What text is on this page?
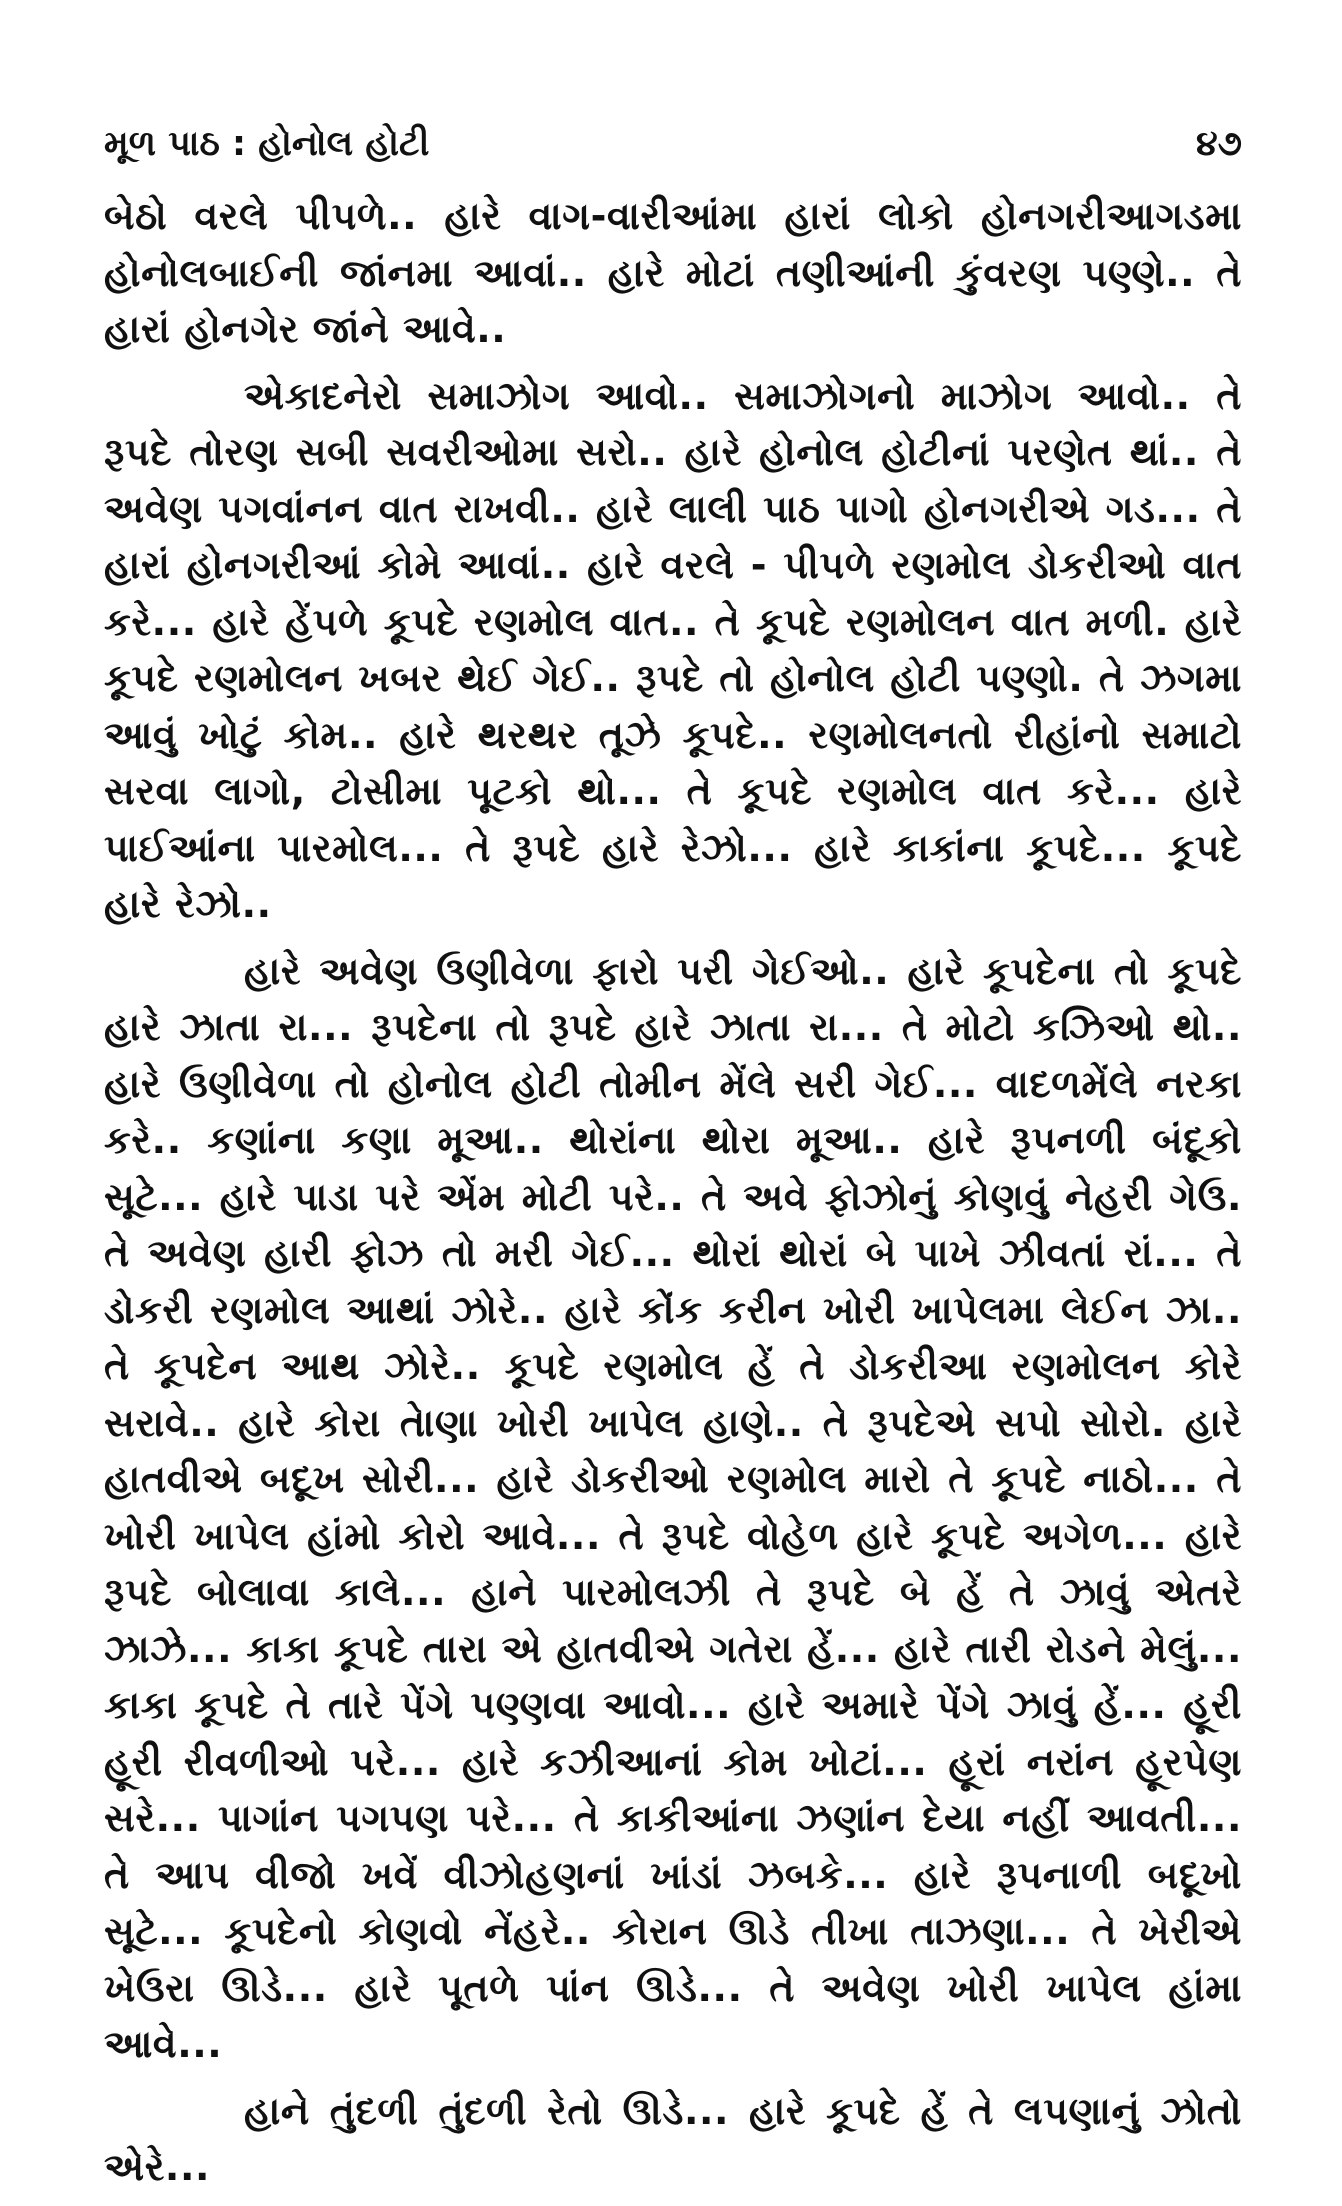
મૂળ પાઠ : હોનોલ હોટી	૪૭

બેઠો વરલે પીપળે.. હારે વાગ-વારીઆંમા હારાં લોકો હોનગરીઆગડમા હોનોલબાઈની જાંનમા આવાં.. હારે મોટાં તણીઆંની કુંવરણ પણ્ણે.. તે હારાં હોનગેર જાંને આવે..

એકાદનેરો સમાઝોગ આવો.. સમાઝોગનો માઝોગ આવો.. તે રૂપદે તોરણ સબી સવરીઓમા સરો.. હારે હોનોલ હોટીનાં પરણેત થાં.. તે અવેણ પગવાંનન વાત રાખવી.. હારે લાલી પાઠ પાગો હોનગરીએ ગડ... તે હારાં હોનગરીઆં કોમે આવાં.. હારે વરલે - પીપળે રણમોલ ડોકરીઓ વાત કરે... હારે હેંપળે કૂપદે રણમોલ વાત.. તે કૂપદે રણમોલન વાત મળી. હારે કૂપદે રણમોલન ખબર થેઈ ગેઈ.. રૂપદે તો હોનોલ હોટી પણ્ણો. તે ઝગમા આવું ખોટું કોમ.. હારે થરથર તૂઝે કૂપદે.. રણમોલનતો રીહાંનો સમાટો સરવા લાગો, ટોસીમા પૂટકો થો... તે કૂપદે રણમોલ વાત કરે... હારે પાઈઆંના પારમોલ... તે રૂપદે હારે રેઝો... હારે કાકાંના કૂપદે... કૂપદે હારે રેઝો..

હારે અવેણ ઉણીવેળા ફારો પરી ગેઈઓ.. હારે કૂપદેના તો કૂપદે હારે ઝાતા રા... રૂપદેના તો રૂપદે હારે ઝાતા રા... તે મોટો કઝિઓ થો.. હારે ઉણીવેળા તો હોનોલ હોટી તોમીન મેંલે સરી ગેઈ... વાદળમેંલે નરકા કરે.. કણાંના કણા મૂઆ.. થોરાંના થોરા મૂઆ.. હારે રૂપનળી બંદૂકો સૂટે... હારે પાડા પરે એંમ મોટી પરે.. તે અવે ફોઝોનું કોણવું નેહરી ગેઉ. તે અવેણ હારી ફોઝ તો મરી ગેઈ... થોરાં થોરાં બે પાખે ઝીવતાં રાં... તે ડોકરી રણમોલ આથાં ઝોરે.. હારે કોંક કરીન ખોરી ખાપેલમા લેઈન ઝા.. તે કૂપદેન આથ ઝોરે.. કૂપદે રણમોલ હેં તે ડોકરીઆ રણમોલન કોરે સરાવે.. હારે કોરા તેાણા ખોરી ખાપેલ હાણે.. તે રૂપદેએ સપો સોરો. હારે હાતવીએ બદૂખ સોરી... હારે ડોકરીઓ રણમોલ મારો તે કૂપદે નાઠો... તે ખોરી ખાપેલ હાંમો કોરો આવે... તે રૂપદે વોહેળ હારે કૂપદે અગેળ... હારે રૂપદે બોલાવા કાલે... હાને પારમોલઝી તે રૂપદે બે હેં તે ઝાવું એતરે ઝાઝે... કાકા કૂપદે તારા એ હાતવીએ ગતેરા હેં... હારે તારી રોડને મેલું... કાકા કૂપદે તે તારે પેંગે પણ્ણવા આવો... હારે અમારે પેંગે ઝાવું હેં... હૂરી હૂરી રીવળીઓ પરે... હારે કઝીઆનાં કોમ ખોટાં... હૂરાં નરાંન હૂરપેણ સરે... પાગાંન પગપણ પરે... તે કાકીઆંના ઝણાંન દેયા નહીં આવતી... તે આપ વીજો ખવેં વીઝોહણનાં ખાંડાં ઝબકે... હારે રૂપનાળી બદૂખો સૂટે... કૂપદેનો કોણવો નેંહરે.. કોરાન ઊડે તીખા તાઝણા... તે ખેરીએ ખેઉરા ઊડે... હારે પૂતળે પાંન ઊડે... તે અવેણ ખોરી ખાપેલ હાંમા આવે...

હાને તુંદળી તુંદળી રેતો ઊડે... હારે કૂપદે હેં તે લપણાનું ઝોતો એરે...
